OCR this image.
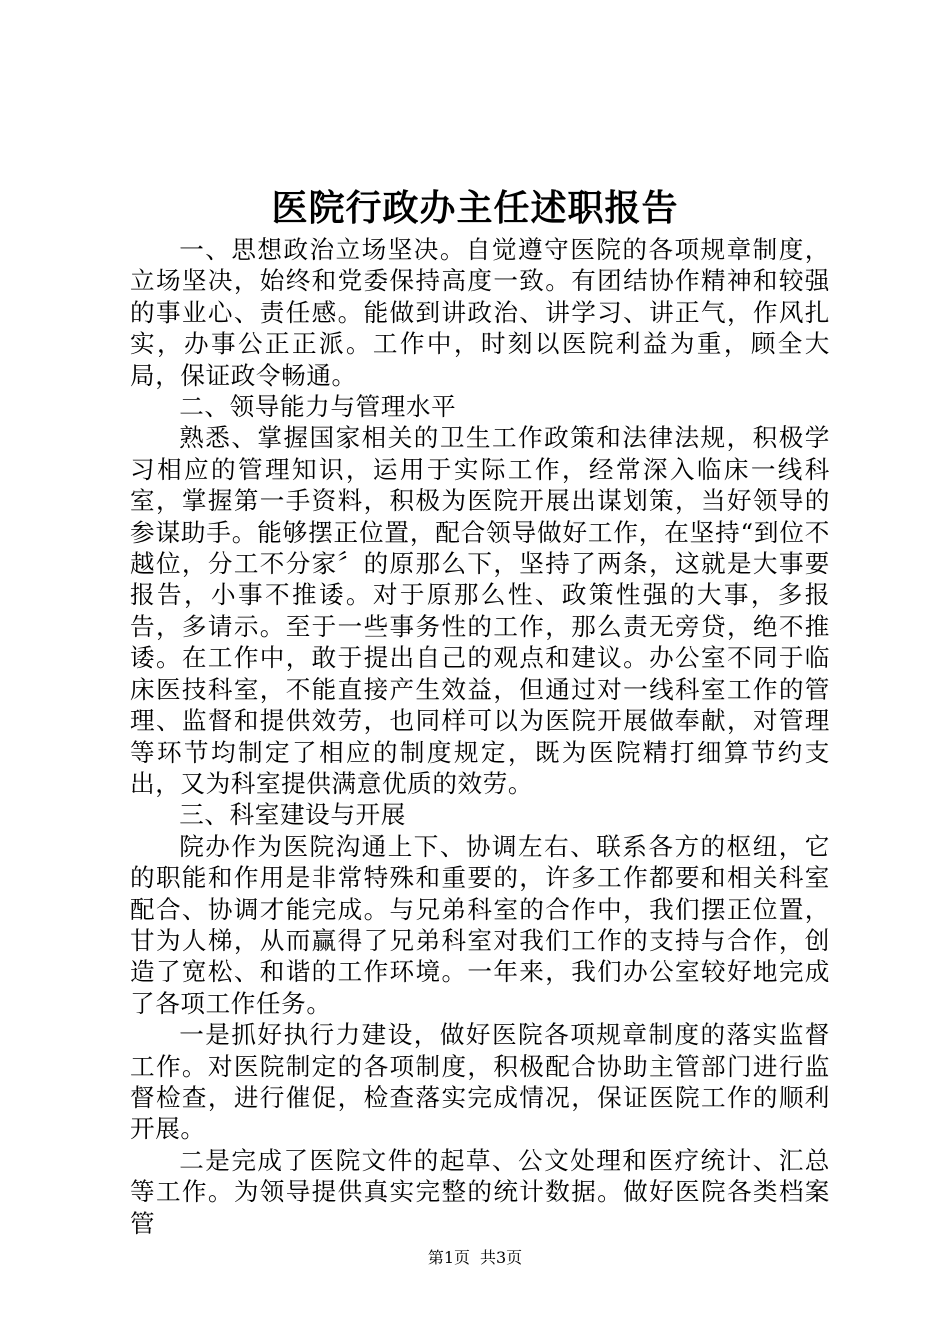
医院行政办主任述职报告

一、思想政治立场坚决。自觉遵守医院的各项规章制度，立场坚决，始终和党委保持高度一致。有团结协作精神和较强的事业心、责任感。能做到讲政治、讲学习、讲正气，作风扎实，办事公正正派。工作中，时刻以医院利益为重，顾全大局，保证政令畅通。

二、领导能力与管理水平

熟悉、掌握国家相关的卫生工作政策和法律法规，积极学习相应的管理知识，运用于实际工作，经常深入临床一线科室，掌握第一手资料，积极为医院开展出谋划策，当好领导的参谋助手。能够摆正位置，配合领导做好工作，在坚持“到位不越位，分工不分家〞的原那么下，坚持了两条，这就是大事要报告，小事不推诿。对于原那么性、政策性强的大事，多报告，多请示。至于一些事务性的工作，那么责无旁贷，绝不推诿。在工作中，敢于提出自己的观点和建议。办公室不同于临床医技科室，不能直接产生效益，但通过对一线科室工作的管理、监督和提供效劳，也同样可以为医院开展做奉献，对管理等环节均制定了相应的制度规定，既为医院精打细算节约支出，又为科室提供满意优质的效劳。

三、科室建设与开展

院办作为医院沟通上下、协调左右、联系各方的枢纽，它的职能和作用是非常特殊和重要的，许多工作都要和相关科室配合、协调才能完成。与兄弟科室的合作中，我们摆正位置，甘为人梯，从而赢得了兄弟科室对我们工作的支持与合作，创造了宽松、和谐的工作环境。一年来，我们办公室较好地完成了各项工作任务。

一是抓好执行力建设，做好医院各项规章制度的落实监督工作。对医院制定的各项制度，积极配合协助主管部门进行监督检查，进行催促，检查落实完成情况，保证医院工作的顺利开展。

二是完成了医院文件的起草、公文处理和医疗统计、汇总等工作。为领导提供真实完整的统计数据。做好医院各类档案管

第1页 共3页
